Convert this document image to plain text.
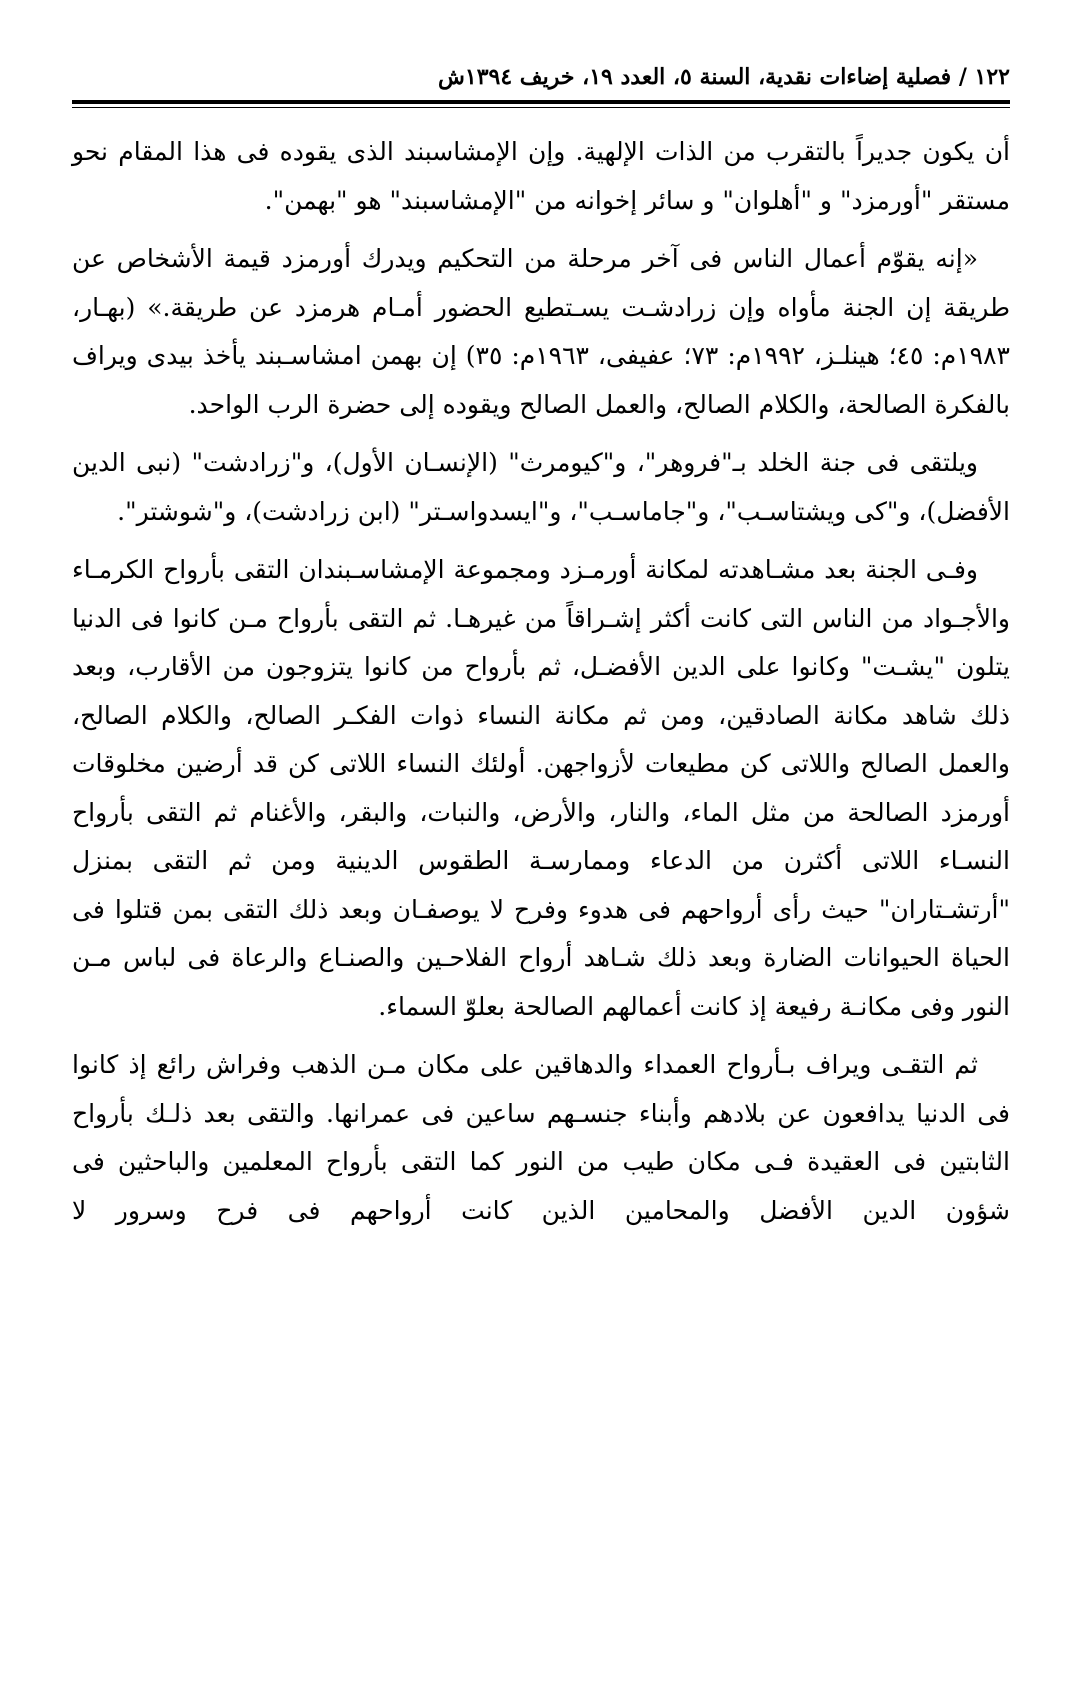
۱۲۲ / فصلية إضاءات نقدية، السنة ٥، العدد ١٩، خريف ١٣٩٤ش

أن يكون جديراً بالتقرب من الذات الإلهية. وإن الإمشاسبند الذی يقوده فی هذا المقام نحو مستقر "أورمزد" و "أهلوان" و سائر إخوانه من "الإمشاسبند" هو "بهمن".

«إنه يقوّم أعمال الناس فی آخر مرحلة من التحكيم ويدرك أورمزد قيمة الأشخاص عن طريقة إن الجنة مأواه وإن زرادشـت يسـتطيع الحضور أمـام هرمزد عن طريقة.» (بهـار، ۱۹۸۳م: ٤٥؛ هينلـز، ۱۹۹۲م: ۷۳؛ عفيفی، ۱۹٦۳م: ۳٥) إن بهمن امشاسـبند يأخذ بيدی ويراف بالفكرة الصالحة، والكلام الصالح، والعمل الصالح ويقوده إلى حضرة الرب الواحد.

ويلتقی فی جنة الخلد بـ"فروهر"، و"كيومرث" (الإنسـان الأول)، و"زرادشت" (نبی الدين الأفضل)، و"كی ويشتاسـب"، و"جاماسـب"، و"ايسدواسـتر" (ابن زرادشت)، و"شوشتر".

وفـی الجنة بعد مشـاهدته لمكانة أورمـزد ومجموعة الإمشاسـبندان التقی بأرواح الكرمـاء والأجـواد من الناس التی كانت أكثر إشـراقاً من غيرهـا. ثم التقی بأرواح مـن كانوا فی الدنيا يتلون "يشـت" وكانوا على الدين الأفضـل، ثم بأرواح من كانوا يتزوجون من الأقارب، وبعد ذلك شاهد مكانة الصادقين، ومن ثم مكانة النساء ذوات الفكـر الصالح، والكلام الصالح، والعمل الصالح واللاتی كن مطيعات لأزواجهن. أولئك النساء اللاتی كن قد أرضين مخلوقات أورمزد الصالحة من مثل الماء، والنار، والأرض، والنبات، والبقر، والأغنام ثم التقی بأرواح النسـاء اللاتی أكثرن من الدعاء وممارسـة الطقوس الدينية ومن ثم التقی بمنزل "أرتشـتاران" حيث رأی أرواحهم فی هدوء وفرح لا يوصفـان وبعد ذلك التقی بمن قتلوا فی الحياة الحيوانات الضارة وبعد ذلك شـاهد أرواح الفلاحـين والصنـاع والرعاة فی لباس مـن النور وفی مكانـة رفيعة إذ كانت أعمالهم الصالحة بعلوّ السماء.

ثم التقـی ويراف بـأرواح العمداء والدهاقين على مكان مـن الذهب وفراش رائع إذ كانوا فی الدنيا يدافعون عن بلادهم وأبناء جنسـهم ساعين فی عمرانها. والتقی بعد ذلـك بأرواح الثابتين فی العقيدة فـی مكان طيب من النور كما التقی بأرواح المعلمين والباحثين فی شؤون الدين الأفضل والمحامين الذين كانت أرواحهم فی فرح وسرور لا
